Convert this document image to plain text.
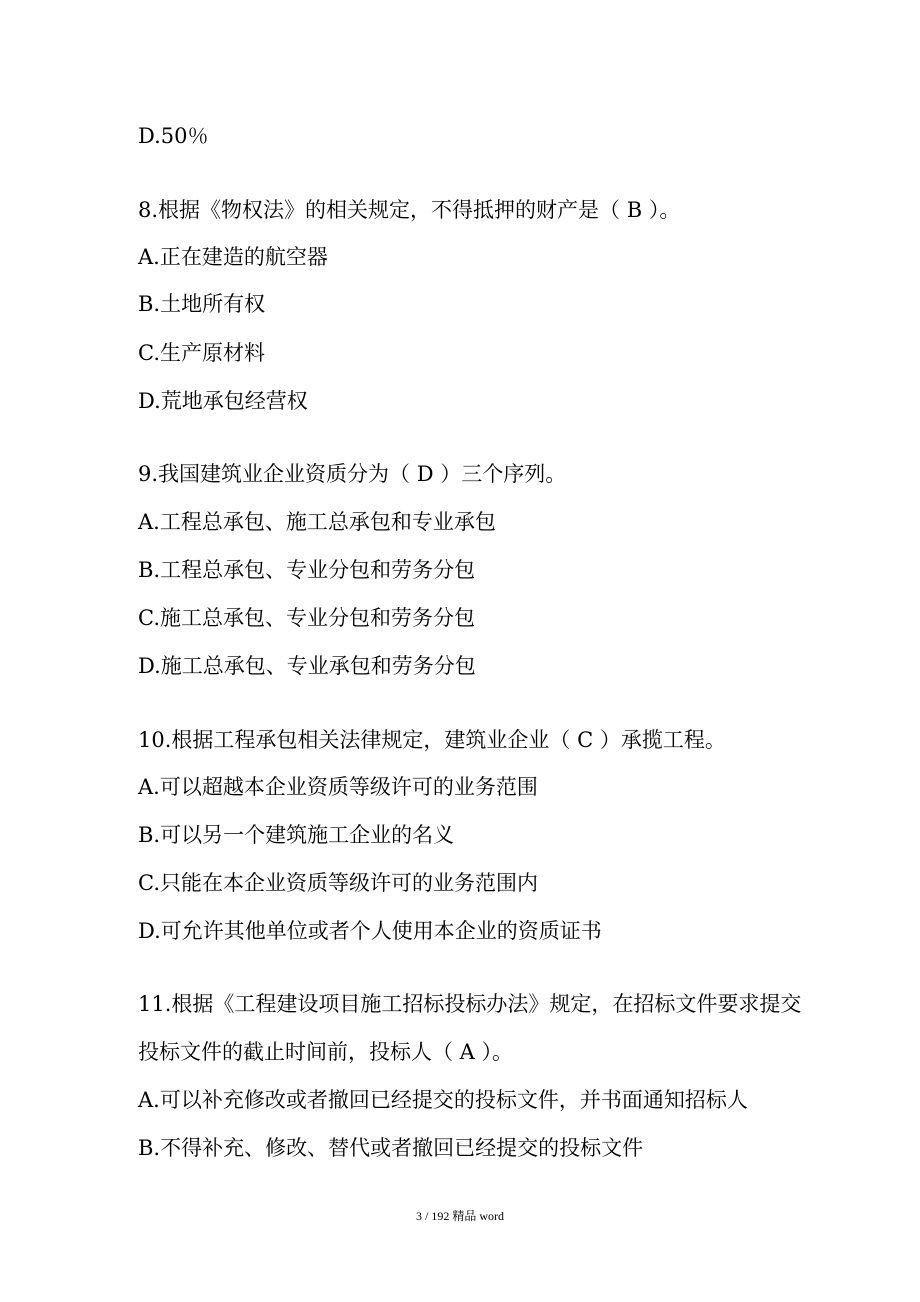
D.50％
8.根据《物权法》的相关规定，不得抵押的财产是（ B ）。
A.正在建造的航空器
B.土地所有权
C.生产原材料
D.荒地承包经营权
9.我国建筑业企业资质分为（ D ）三个序列。
A.工程总承包、施工总承包和专业承包
B.工程总承包、专业分包和劳务分包
C.施工总承包、专业分包和劳务分包
D.施工总承包、专业承包和劳务分包
10.根据工程承包相关法律规定，建筑业企业（ C ）承揽工程。
A.可以超越本企业资质等级许可的业务范围
B.可以另一个建筑施工企业的名义
C.只能在本企业资质等级许可的业务范围内
D.可允许其他单位或者个人使用本企业的资质证书
11.根据《工程建设项目施工招标投标办法》规定，在招标文件要求提交
投标文件的截止时间前，投标人（ A ）。
A.可以补充修改或者撤回已经提交的投标文件，并书面通知招标人
B.不得补充、修改、替代或者撤回已经提交的投标文件
3 / 192 精品 word
